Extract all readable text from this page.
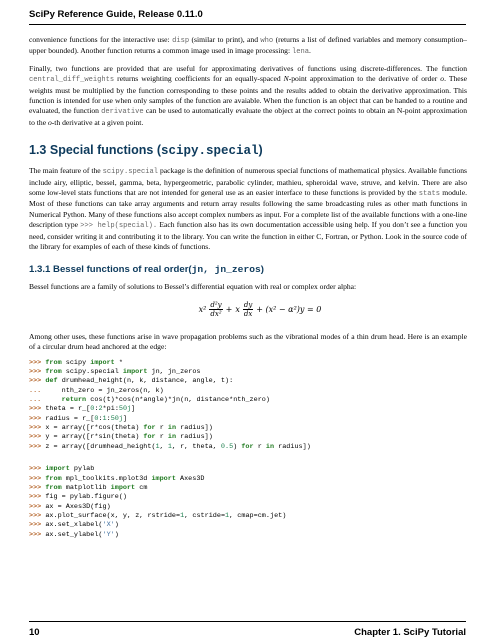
SciPy Reference Guide, Release 0.11.0

convenience functions for the interactive use: disp (similar to print), and who (returns a list of defined variables and memory consumption–upper bounded). Another function returns a common image used in image processing: lena.

Finally, two functions are provided that are useful for approximating derivatives of functions using discrete-differences. The function central_diff_weights returns weighting coefficients for an equally-spaced N-point approximation to the derivative of order o. These weights must be multiplied by the function corresponding to these points and the results added to obtain the derivative approximation. This function is intended for use when only samples of the function are avaiable. When the function is an object that can be handed to a routine and evaluated, the function derivative can be used to automatically evaluate the object at the correct points to obtain an N-point approximation to the o-th derivative at a given point.

1.3 Special functions (scipy.special)

The main feature of the scipy.special package is the definition of numerous special functions of mathematical physics. Available functions include airy, elliptic, bessel, gamma, beta, hypergeometric, parabolic cylinder, mathieu, spheroidal wave, struve, and kelvin. There are also some low-level stats functions that are not intended for general use as an easier interface to these functions is provided by the stats module. Most of these functions can take array arguments and return array results following the same broadcasting rules as other math functions in Numerical Python. Many of these functions also accept complex numbers as input. For a complete list of the available functions with a one-line description type >>> help(special). Each function also has its own documentation accessible using help. If you don’t see a function you need, consider writing it and contributing it to the library. You can write the function in either C, Fortran, or Python. Look in the source code of the library for examples of each of these kinds of functions.

1.3.1 Bessel functions of real order(jn, jn_zeros)

Bessel functions are a family of solutions to Bessel’s differential equation with real or complex order alpha:

$x^2 \frac{\text{d²y}}{\text{dx²}} + x \frac{dy}{dx} + (x^2 - \alpha^2)y = 0$

Among other uses, these functions arise in wave propagation problems such as the vibrational modes of a thin drum head. Here is an example of a circular drum head anchored at the edge:

>>> from scipy import *
>>> from scipy.special import jn, jn_zeros
>>> def drumhead_height(n, k, distance, angle, t):
...	nth_zero = jn_zeros(n, k)
...	return cos(t)*cos(n*angle)*jn(n, distance*nth_zero)
>>> theta = r_[0:2*pi:50j]
>>> radius = r_[0:1:50j]
>>> x = array([r*cos(theta) for r in radius])
>>> y = array([r*sin(theta) for r in radius])
>>> z = array([drumhead_height(1, 1, r, theta, 0.5) for r in radius])
>>> import pylab
>>> from mpl_toolkits.mplot3d import Axes3D
>>> from matplotlib import cm
>>> fig = pylab.figure()
>>> ax = Axes3D(fig)
>>> ax.plot_surface(x, y, z, rstride=1, cstride=1, cmap=cm.jet)
>>> ax.set_xlabel('X')
>>> ax.set_ylabel('Y')
10	Chapter 1. SciPy Tutorial
